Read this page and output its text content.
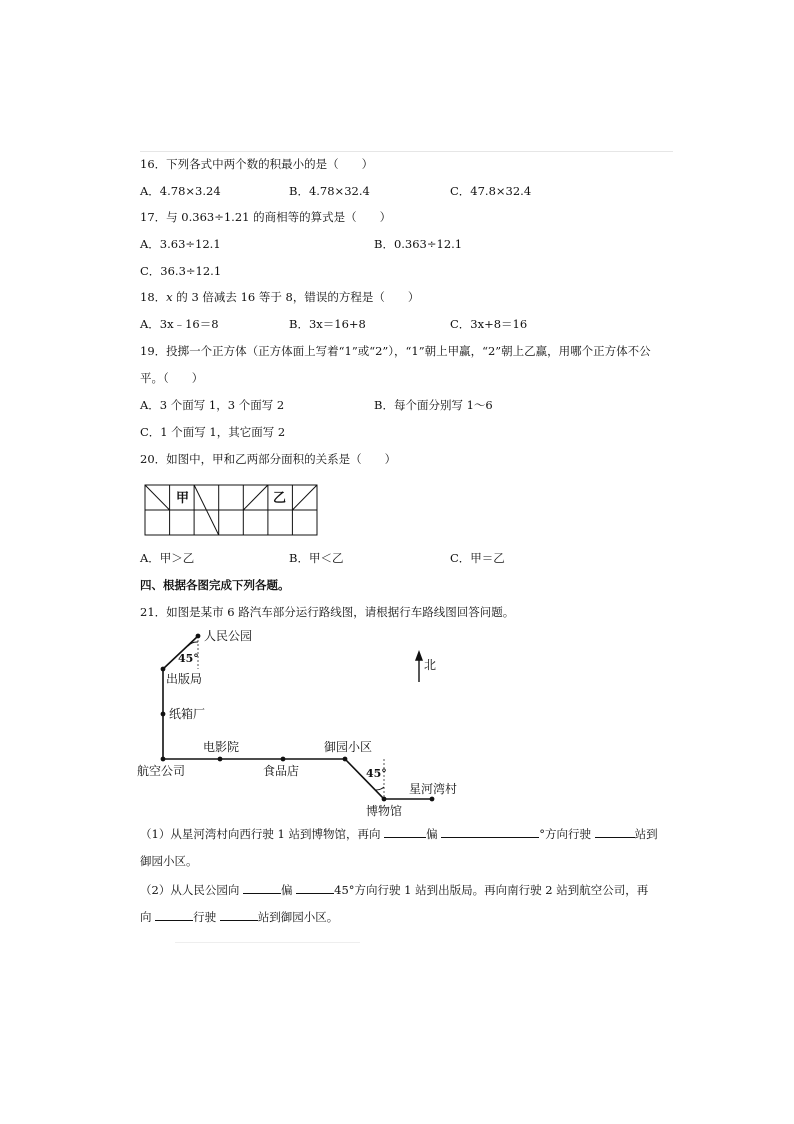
16．下列各式中两个数的积最小的是（　　）
A．4.78×3.24	B．4.78×32.4	C．47.8×32.4
17．与 0.363÷1.21 的商相等的算式是（　　）
A．3.63÷12.1	B．0.363÷12.1
C．36.3÷12.1
18．x 的 3 倍减去 16 等于 8，错误的方程是（　　）
A．3x﹣16＝8	B．3x＝16+8	C．3x+8＝16
19．投掷一个正方体（正方体面上写着“1”或“2”），“1”朝上甲赢，“2”朝上乙赢，用哪个正方体不公
平。（　　）
A．3 个面写 1，3 个面写 2	B．每个面分别写 1～6
C．1 个面写 1，其它面写 2
20．如图中，甲和乙两部分面积的关系是（　　）
甲	乙
A．甲＞乙	B．甲＜乙	C．甲＝乙
四、根据各图完成下列各题。
21．如图是某市 6 路汽车部分运行路线图，请根据行车路线图回答问题。
北
45°
45°
人民公园
出版局
纸箱厂
航空公司
电影院
食品店
御园小区
博物馆
星河湾村
（1）从星河湾村向西行驶 1 站到博物馆，再向	偏	°方向行驶	站到
御园小区。
（2）从人民公园向	偏	45°方向行驶 1 站到出版局。再向南行驶 2 站到航空公司，再
向	行驶	站到御园小区。
